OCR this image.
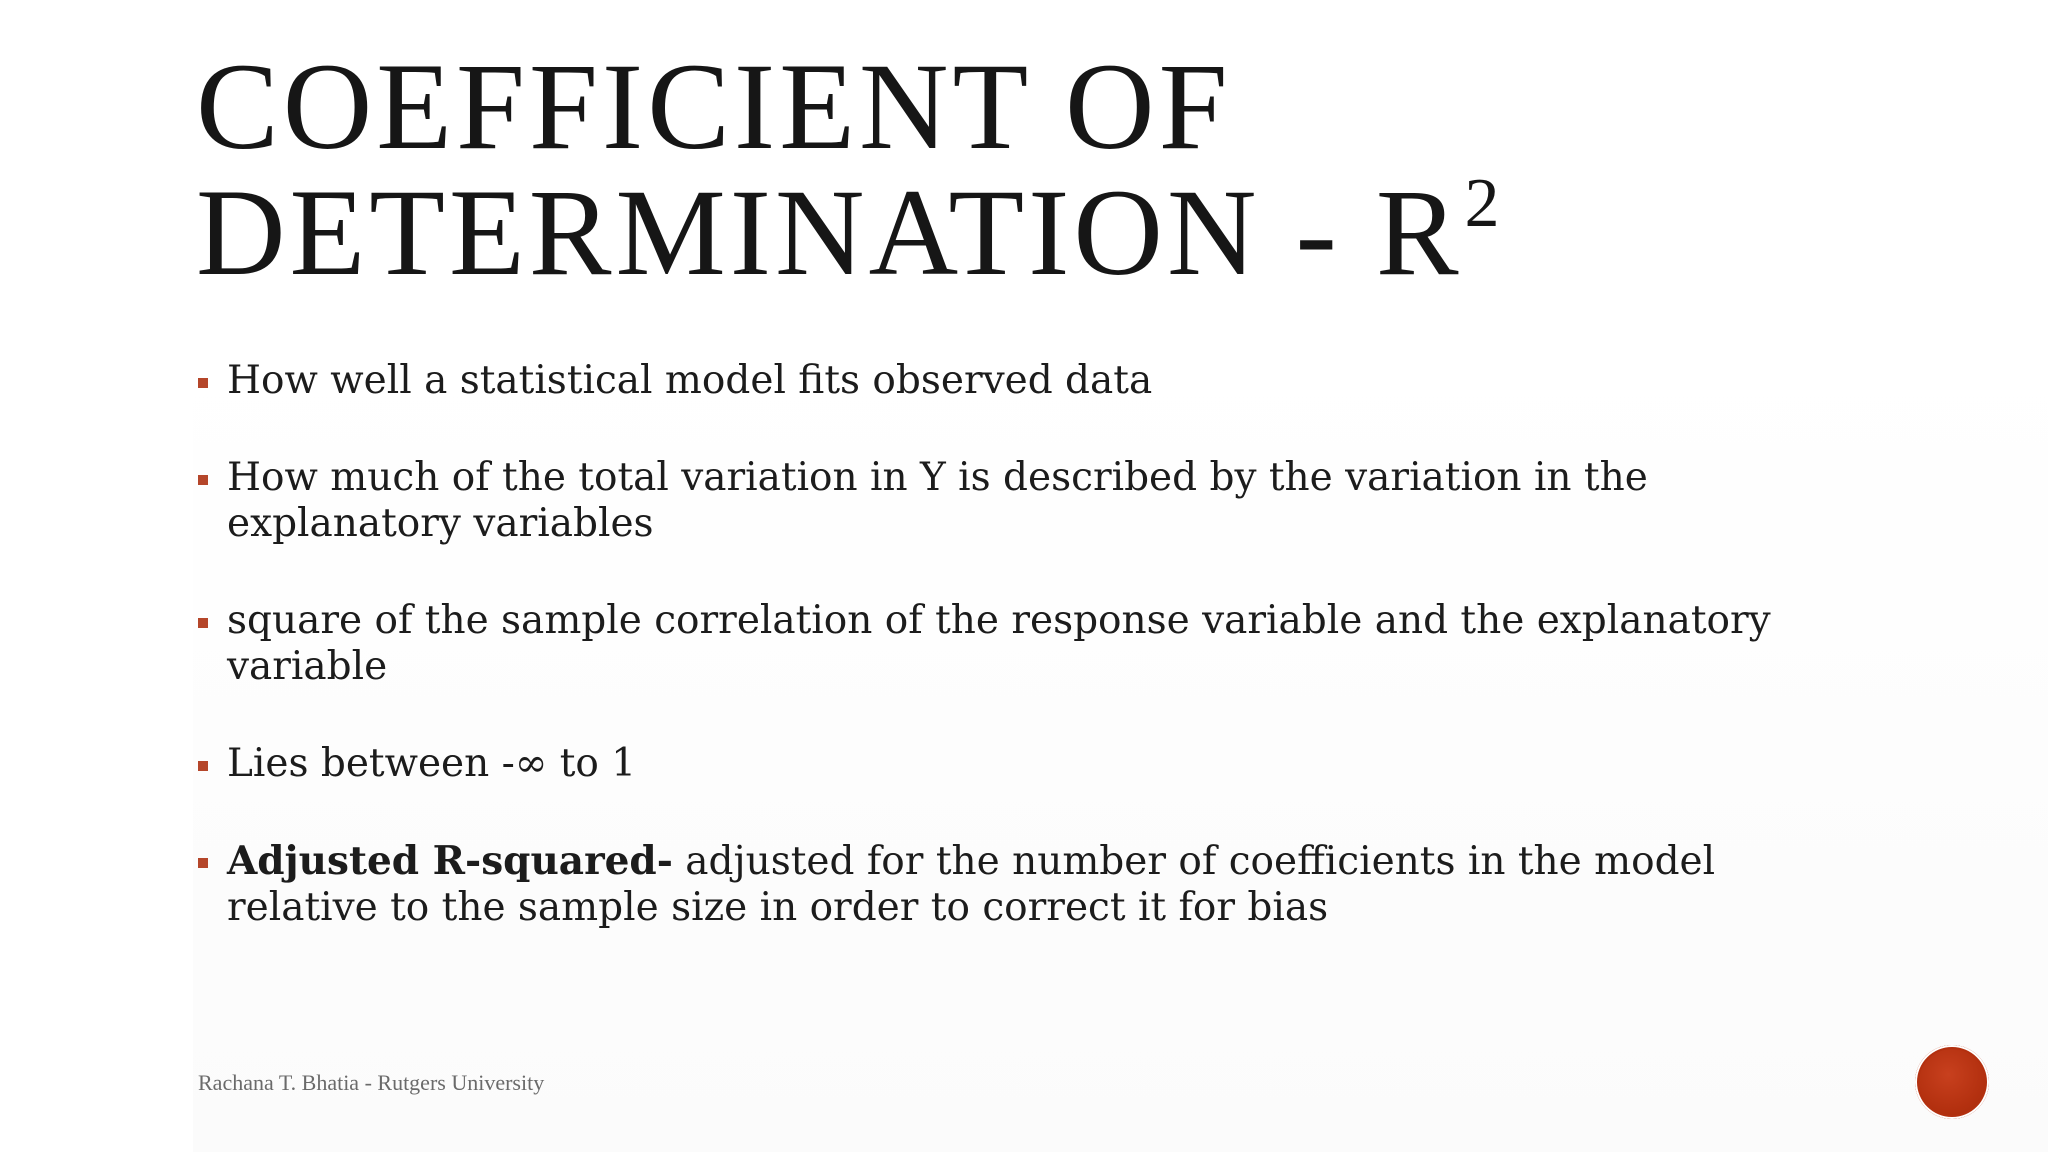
COEFFICIENT OF
DETERMINATION - $R^2$
How well a statistical model fits observed data
How much of the total variation in Y is described by the variation in the explanatory variables
square of the sample correlation of the response variable and the explanatory variable
Lies between -∞ to 1
Adjusted R-squared- adjusted for the number of coefficients in the model relative to the sample size in order to correct it for bias
Rachana T. Bhatia - Rutgers University
